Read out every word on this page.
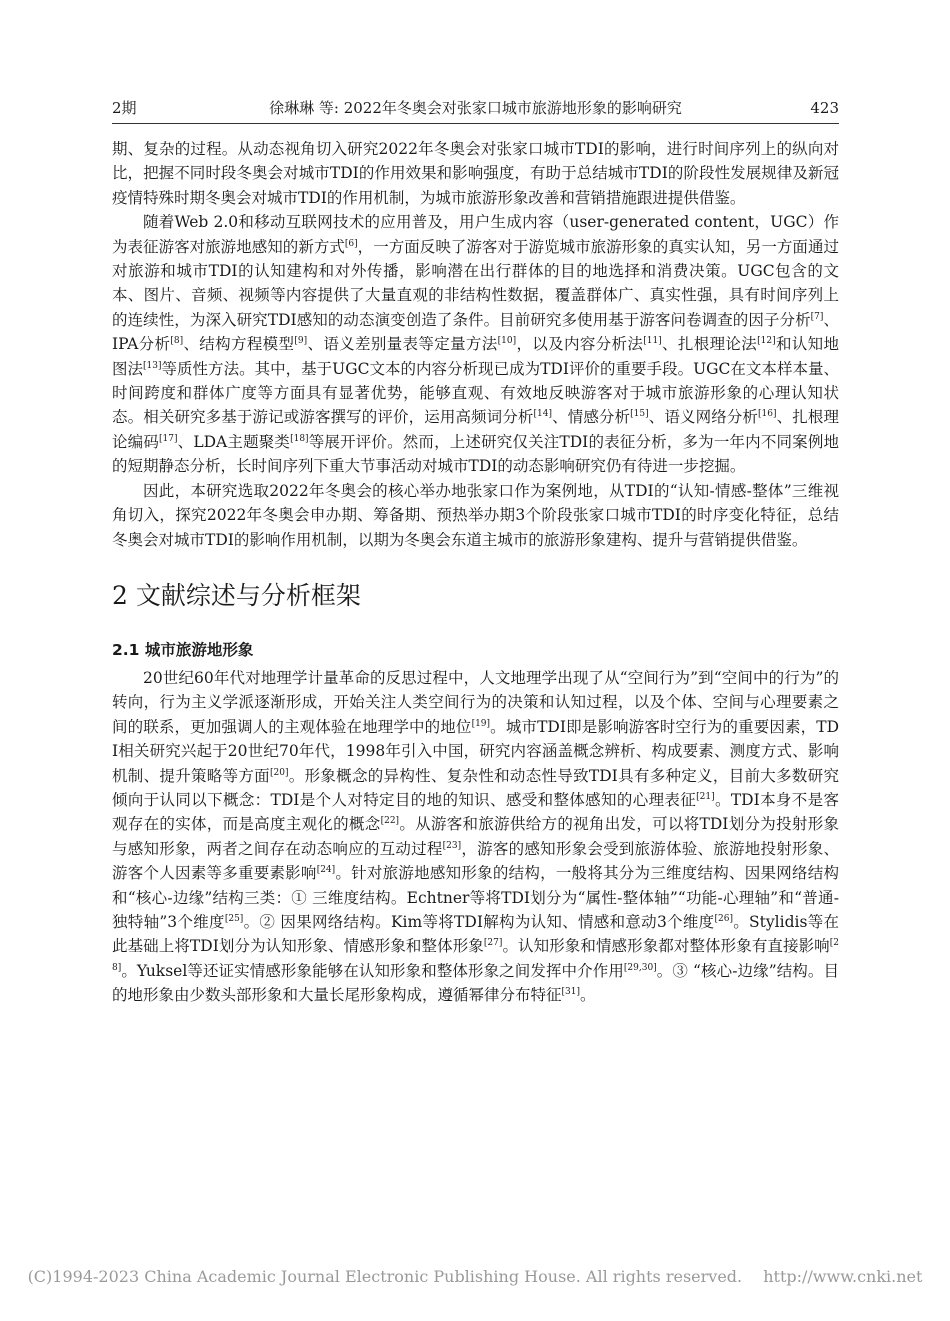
2期	徐琳琳 等: 2022年冬奥会对张家口城市旅游地形象的影响研究	423

期、复杂的过程。从动态视角切入研究2022年冬奥会对张家口城市TDI的影响，进行时间序列上的纵向对比，把握不同时段冬奥会对城市TDI的作用效果和影响强度，有助于总结城市TDI的阶段性发展规律及新冠疫情特殊时期冬奥会对城市TDI的作用机制，为城市旅游形象改善和营销措施跟进提供借鉴。

随着Web 2.0和移动互联网技术的应用普及，用户生成内容（user-generated content，UGC）作为表征游客对旅游地感知的新方式[6]，一方面反映了游客对于游览城市旅游形象的真实认知，另一方面通过对旅游和城市TDI的认知建构和对外传播，影响潜在出行群体的目的地选择和消费决策。UGC包含的文本、图片、音频、视频等内容提供了大量直观的非结构性数据，覆盖群体广、真实性强，具有时间序列上的连续性，为深入研究TDI感知的动态演变创造了条件。目前研究多使用基于游客问卷调查的因子分析[7]、IPA分析[8]、结构方程模型[9]、语义差别量表等定量方法[10]，以及内容分析法[11]、扎根理论法[12]和认知地图法[13]等质性方法。其中，基于UGC文本的内容分析现已成为TDI评价的重要手段。UGC在文本样本量、时间跨度和群体广度等方面具有显著优势，能够直观、有效地反映游客对于城市旅游形象的心理认知状态。相关研究多基于游记或游客撰写的评价，运用高频词分析[14]、情感分析[15]、语义网络分析[16]、扎根理论编码[17]、LDA主题聚类[18]等展开评价。然而，上述研究仅关注TDI的表征分析，多为一年内不同案例地的短期静态分析，长时间序列下重大节事活动对城市TDI的动态影响研究仍有待进一步挖掘。

因此，本研究选取2022年冬奥会的核心举办地张家口作为案例地，从TDI的“认知-情感-整体”三维视角切入，探究2022年冬奥会申办期、筹备期、预热举办期3个阶段张家口城市TDI的时序变化特征，总结冬奥会对城市TDI的影响作用机制，以期为冬奥会东道主城市的旅游形象建构、提升与营销提供借鉴。

2 文献综述与分析框架
2.1 城市旅游地形象

20世纪60年代对地理学计量革命的反思过程中，人文地理学出现了从“空间行为”到“空间中的行为”的转向，行为主义学派逐渐形成，开始关注人类空间行为的决策和认知过程，以及个体、空间与心理要素之间的联系，更加强调人的主观体验在地理学中的地位[19]。城市TDI即是影响游客时空行为的重要因素，TDI相关研究兴起于20世纪70年代，1998年引入中国，研究内容涵盖概念辨析、构成要素、测度方式、影响机制、提升策略等方面[20]。形象概念的异构性、复杂性和动态性导致TDI具有多种定义，目前大多数研究倾向于认同以下概念：TDI是个人对特定目的地的知识、感受和整体感知的心理表征[21]。TDI本身不是客观存在的实体，而是高度主观化的概念[22]。从游客和旅游供给方的视角出发，可以将TDI划分为投射形象与感知形象，两者之间存在动态响应的互动过程[23]，游客的感知形象会受到旅游体验、旅游地投射形象、游客个人因素等多重要素影响[24]。针对旅游地感知形象的结构，一般将其分为三维度结构、因果网络结构和“核心-边缘”结构三类：① 三维度结构。Echtner等将TDI划分为“属性-整体轴”“功能-心理轴”和“普通-独特轴”3个维度[25]。② 因果网络结构。Kim等将TDI解构为认知、情感和意动3个维度[26]。Stylidis等在此基础上将TDI划分为认知形象、情感形象和整体形象[27]。认知形象和情感形象都对整体形象有直接影响[28]。Yuksel等还证实情感形象能够在认知形象和整体形象之间发挥中介作用[29,30]。③ “核心-边缘”结构。目的地形象由少数头部形象和大量长尾形象构成，遵循幂律分布特征[31]。

(C)1994-2023 China Academic Journal Electronic Publishing House. All rights reserved. http://www.cnki.net
